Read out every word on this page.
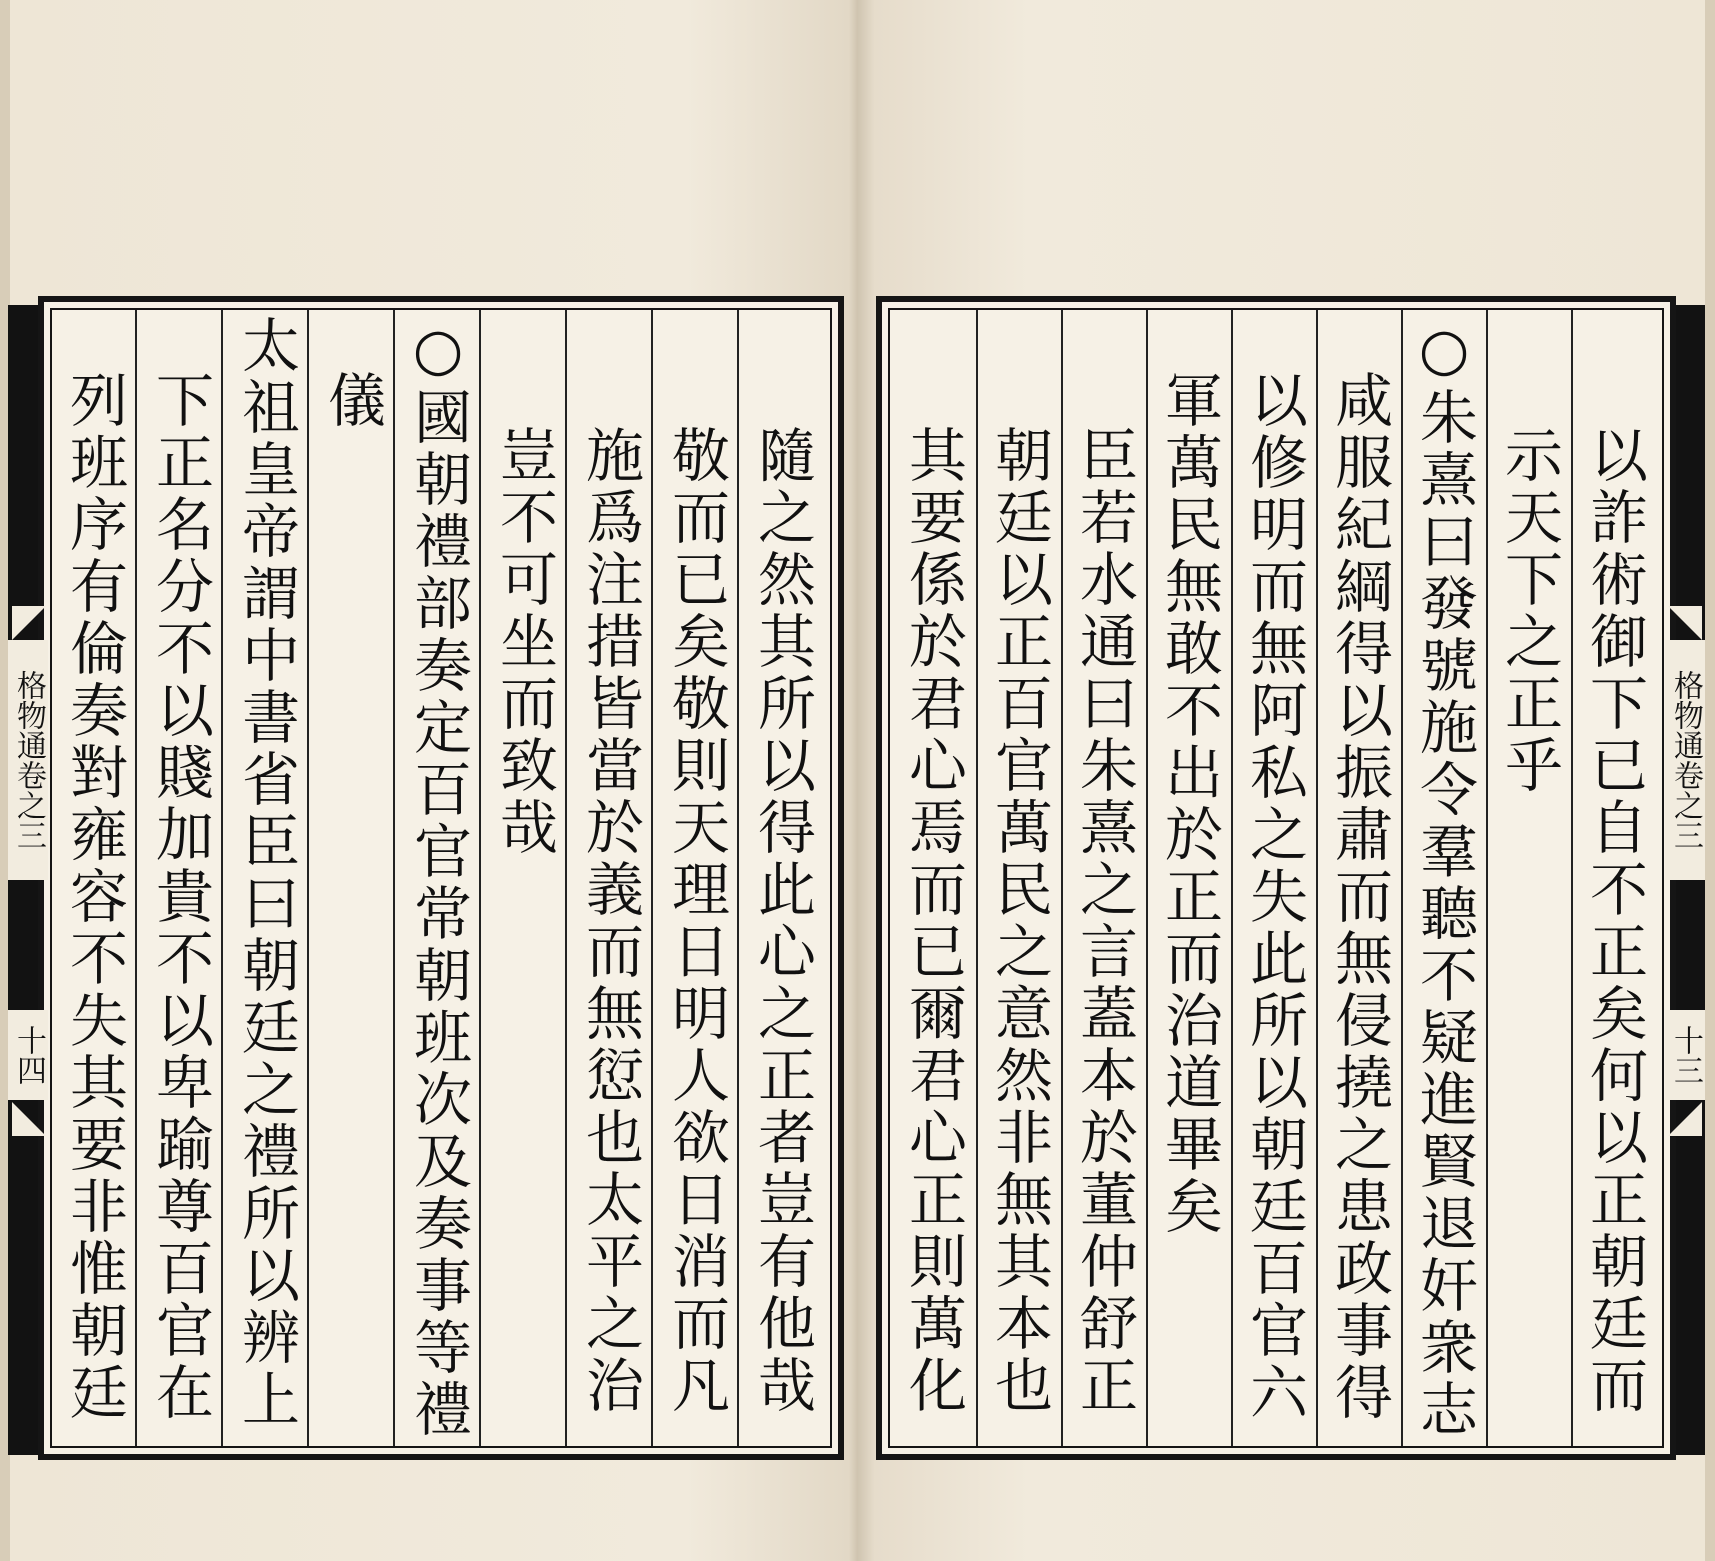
列班序有倫奏對雍容不失其要非惟朝廷 下正名分不以賤加貴不以卑踰尊百官在 太祖皇帝謂中書省臣曰朝廷之禮所以辨上 儀 ○國朝禮部奏定百官常朝班次及奏事等禮 豈不可坐而致哉 施爲注措皆當於義而無愆也太平之治 敬而已矣敬則天理日明人欲日消而凡 隨之然其所以得此心之正者豈有他哉
格物通卷之三
十四	其要係於君心焉而已爾君心正則萬化 朝廷以正百官萬民之意然非無其本也 臣若水通曰朱熹之言蓋本於董仲舒正 軍萬民無敢不出於正而治道畢矣 以修明而無阿私之失此所以朝廷百官六 咸服紀綱得以振肅而無侵撓之患政事得 ○朱熹曰發號施令羣聽不疑進賢退奸衆志 示天下之正乎 以詐術御下已自不正矣何以正朝廷而 格物通卷之三
十三
